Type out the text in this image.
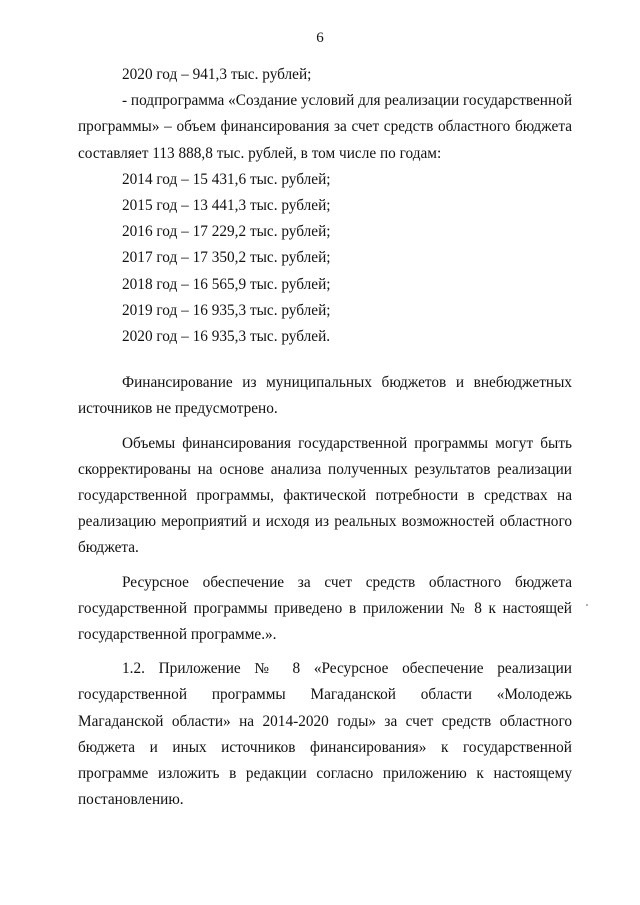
6

2020 год – 941,3 тыс. рублей;

- подпрограмма «Создание условий для реализации государственной программы» – объем финансирования за счет средств областного бюджета составляет 113 888,8 тыс. рублей, в том числе по годам:

2014 год – 15 431,6 тыс. рублей;

2015 год – 13 441,3 тыс. рублей;

2016 год – 17 229,2 тыс. рублей;

2017 год – 17 350,2 тыс. рублей;

2018 год – 16 565,9 тыс. рублей;

2019 год – 16 935,3 тыс. рублей;

2020 год – 16 935,3 тыс. рублей.

Финансирование из муниципальных бюджетов и внебюджетных источников не предусмотрено.

Объемы финансирования государственной программы могут быть скорректированы на основе анализа полученных результатов реализации государственной программы, фактической потребности в средствах на реализацию мероприятий и исходя из реальных возможностей областного бюджета.

Ресурсное обеспечение за счет средств областного бюджета государственной программы приведено в приложении № 8 к настоящей государственной программе.».

1.2. Приложение № 8 «Ресурсное обеспечение реализации государственной программы Магаданской области «Молодежь Магаданской области» на 2014-2020 годы» за счет средств областного бюджета и иных источников финансирования» к государственной программе изложить в редакции согласно приложению к настоящему постановлению.
